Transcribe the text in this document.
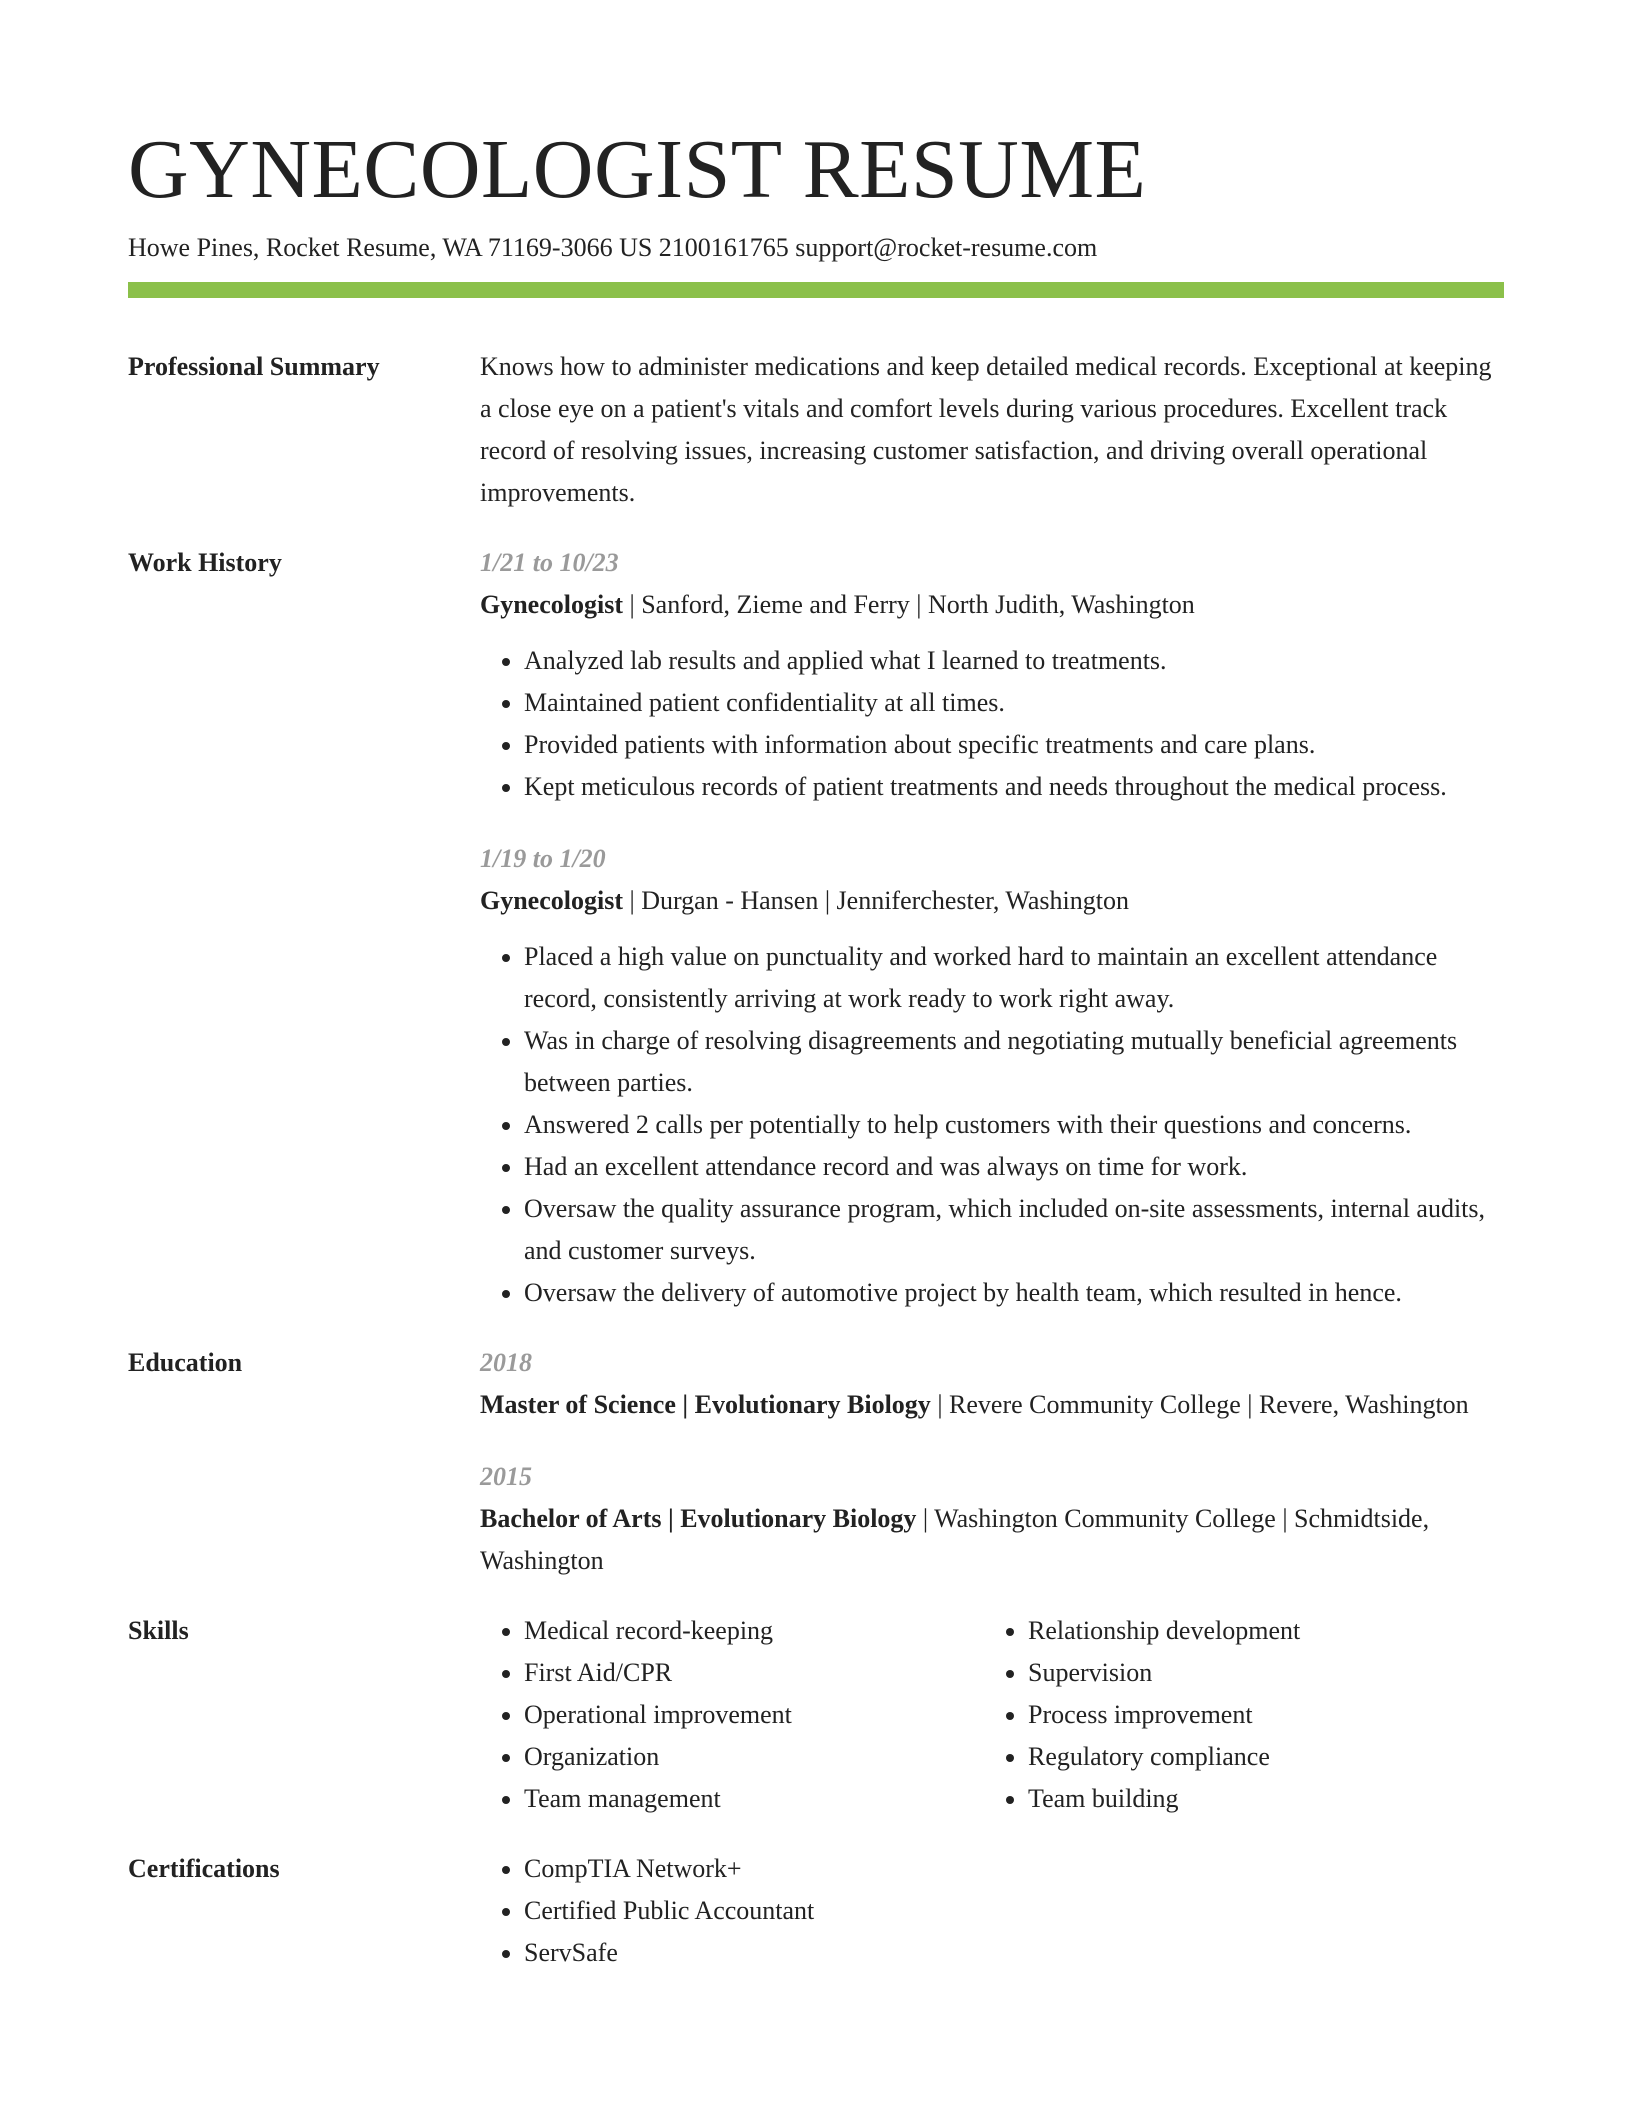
GYNECOLOGIST RESUME
Howe Pines, Rocket Resume, WA 71169-3066 US 2100161765 support@rocket-resume.com
Professional Summary	Knows how to administer medications and keep detailed medical records. Exceptional at keeping a close eye on a patient's vitals and comfort levels during various procedures. Excellent track record of resolving issues, increasing customer satisfaction, and driving overall operational improvements.

Work History	1/21 to 10/23
Gynecologist | Sanford, Zieme and Ferry | North Judith, Washington
• Analyzed lab results and applied what I learned to treatments.
• Maintained patient confidentiality at all times.
• Provided patients with information about specific treatments and care plans.
• Kept meticulous records of patient treatments and needs throughout the medical process.
1/19 to 1/20
Gynecologist | Durgan - Hansen | Jenniferchester, Washington
• Placed a high value on punctuality and worked hard to maintain an excellent attendance record, consistently arriving at work ready to work right away.
• Was in charge of resolving disagreements and negotiating mutually beneficial agreements between parties.
• Answered 2 calls per potentially to help customers with their questions and concerns.
• Had an excellent attendance record and was always on time for work.
• Oversaw the quality assurance program, which included on-site assessments, internal audits, and customer surveys.
• Oversaw the delivery of automotive project by health team, which resulted in hence.
Education	2018
Master of Science | Evolutionary Biology | Revere Community College | Revere, Washington
2015
Bachelor of Arts | Evolutionary Biology | Washington Community College | Schmidtside, Washington
Skills	• Medical record-keeping
• First Aid/CPR
• Operational improvement
• Organization
• Team management
• Relationship development
• Supervision
• Process improvement
• Regulatory compliance
• Team building
Certifications	• CompTIA Network+
• Certified Public Accountant
• ServSafe
